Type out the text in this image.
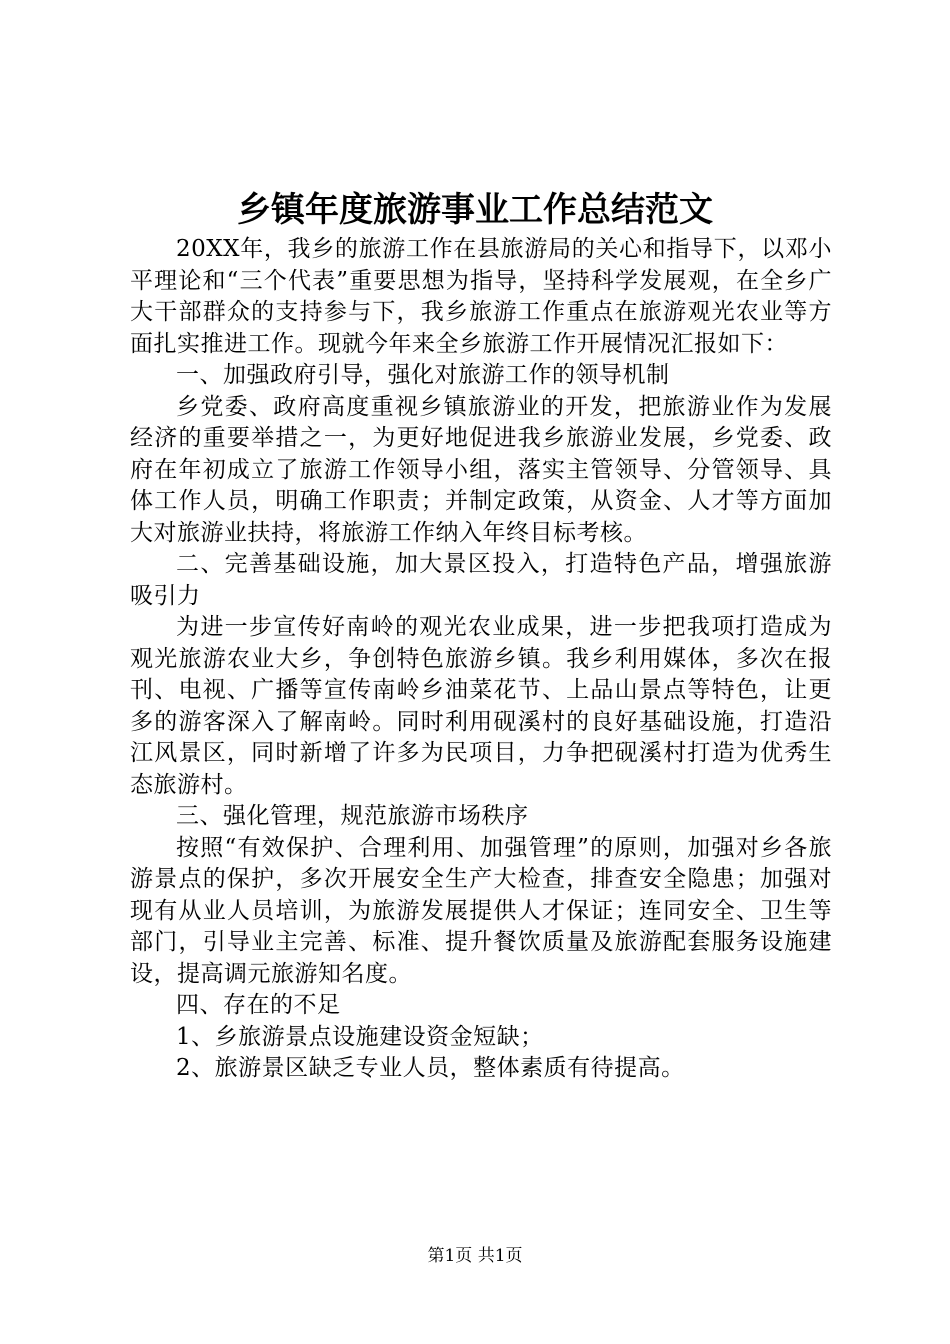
乡镇年度旅游事业工作总结范文

20XX年，我乡的旅游工作在县旅游局的关心和指导下，以邓小平理论和“三个代表”重要思想为指导，坚持科学发展观，在全乡广大干部群众的支持参与下，我乡旅游工作重点在旅游观光农业等方面扎实推进工作。现就今年来全乡旅游工作开展情况汇报如下：

一、加强政府引导，强化对旅游工作的领导机制

乡党委、政府高度重视乡镇旅游业的开发，把旅游业作为发展经济的重要举措之一，为更好地促进我乡旅游业发展，乡党委、政府在年初成立了旅游工作领导小组，落实主管领导、分管领导、具体工作人员，明确工作职责；并制定政策，从资金、人才等方面加大对旅游业扶持，将旅游工作纳入年终目标考核。

二、完善基础设施，加大景区投入，打造特色产品，增强旅游吸引力

为进一步宣传好南岭的观光农业成果，进一步把我项打造成为观光旅游农业大乡，争创特色旅游乡镇。我乡利用媒体，多次在报刊、电视、广播等宣传南岭乡油菜花节、上品山景点等特色，让更多的游客深入了解南岭。同时利用砚溪村的良好基础设施，打造沿江风景区，同时新增了许多为民项目，力争把砚溪村打造为优秀生态旅游村。

三、强化管理，规范旅游市场秩序

按照“有效保护、合理利用、加强管理”的原则，加强对乡各旅游景点的保护，多次开展安全生产大检查，排查安全隐患；加强对现有从业人员培训，为旅游发展提供人才保证；连同安全、卫生等部门，引导业主完善、标准、提升餐饮质量及旅游配套服务设施建设，提高调元旅游知名度。

四、存在的不足

1、乡旅游景点设施建设资金短缺；

2、旅游景区缺乏专业人员，整体素质有待提高。

第1页 共1页
